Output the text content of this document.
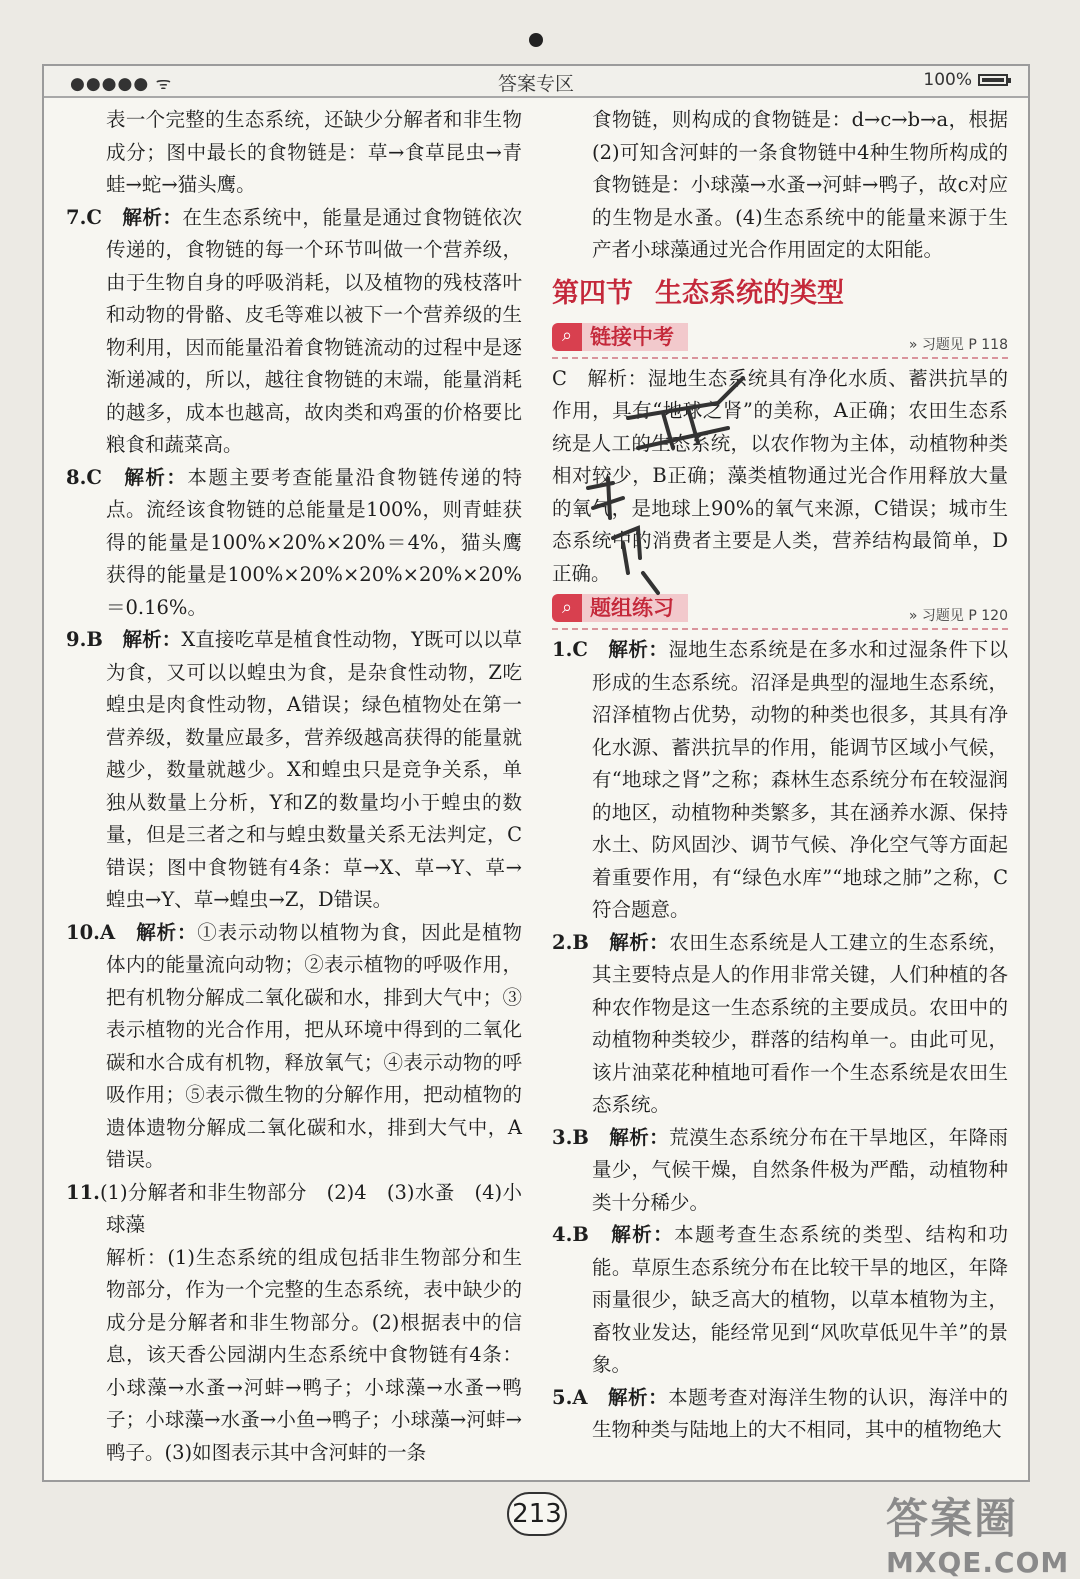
●●●●● ᯤ	答案专区	100%

表一个完整的生态系统，还缺少分解者和非生物成分；图中最长的食物链是：草→食草昆虫→青蛙→蛇→猫头鹰。

7.C　解析：在生态系统中，能量是通过食物链依次传递的，食物链的每一个环节叫做一个营养级，由于生物自身的呼吸消耗，以及植物的残枝落叶和动物的骨骼、皮毛等难以被下一个营养级的生物利用，因而能量沿着食物链流动的过程中是逐渐递减的，所以，越往食物链的末端，能量消耗的越多，成本也越高，故肉类和鸡蛋的价格要比粮食和蔬菜高。

8.C　解析：本题主要考查能量沿食物链传递的特点。流经该食物链的总能量是100%，则青蛙获得的能量是100%×20%×20%＝4%，猫头鹰获得的能量是100%×20%×20%×20%×20%＝0.16%。

9.B　解析：X直接吃草是植食性动物，Y既可以以草为食，又可以以蝗虫为食，是杂食性动物，Z吃蝗虫是肉食性动物，A错误；绿色植物处在第一营养级，数量应最多，营养级越高获得的能量就越少，数量就越少。X和蝗虫只是竞争关系，单独从数量上分析，Y和Z的数量均小于蝗虫的数量，但是三者之和与蝗虫数量关系无法判定，C错误；图中食物链有4条：草→X、草→Y、草→蝗虫→Y、草→蝗虫→Z，D错误。

10.A　解析：①表示动物以植物为食，因此是植物体内的能量流向动物；②表示植物的呼吸作用，把有机物分解成二氧化碳和水，排到大气中；③表示植物的光合作用，把从环境中得到的二氧化碳和水合成有机物，释放氧气；④表示动物的呼吸作用；⑤表示微生物的分解作用，把动植物的遗体遗物分解成二氧化碳和水，排到大气中，A错误。

11.(1)分解者和非生物部分　(2)4　(3)水蚤　(4)小球藻

解析：(1)生态系统的组成包括非生物部分和生物部分，作为一个完整的生态系统，表中缺少的成分是分解者和非生物部分。(2)根据表中的信息，该天香公园湖内生态系统中食物链有4条：小球藻→水蚤→河蚌→鸭子；小球藻→水蚤→鸭子；小球藻→水蚤→小鱼→鸭子；小球藻→河蚌→鸭子。(3)如图表示其中含河蚌的一条

食物链，则构成的食物链是：d→c→b→a，根据(2)可知含河蚌的一条食物链中4种生物所构成的食物链是：小球藻→水蚤→河蚌→鸭子，故c对应的生物是水蚤。(4)生态系统中的能量来源于生产者小球藻通过光合作用固定的太阳能。

第四节 生态系统的类型
⌕ 链接中考	» 习题见 P 118

C　解析：湿地生态系统具有净化水质、蓄洪抗旱的作用，具有“地球之肾”的美称，A正确；农田生态系统是人工的生态系统，以农作物为主体，动植物种类相对较少，B正确；藻类植物通过光合作用释放大量的氧气，是地球上90%的氧气来源，C错误；城市生态系统中的消费者主要是人类，营养结构最简单，D正确。

⌕ 题组练习	» 习题见 P 120

1.C　解析：湿地生态系统是在多水和过湿条件下以形成的生态系统。沼泽是典型的湿地生态系统，沼泽植物占优势，动物的种类也很多，其具有净化水源、蓄洪抗旱的作用，能调节区域小气候，有“地球之肾”之称；森林生态系统分布在较湿润的地区，动植物种类繁多，其在涵养水源、保持水土、防风固沙、调节气候、净化空气等方面起着重要作用，有“绿色水库”“地球之肺”之称，C符合题意。

2.B　解析：农田生态系统是人工建立的生态系统，其主要特点是人的作用非常关键，人们种植的各种农作物是这一生态系统的主要成员。农田中的动植物种类较少，群落的结构单一。由此可见，该片油菜花种植地可看作一个生态系统是农田生态系统。

3.B　解析：荒漠生态系统分布在干旱地区，年降雨量少，气候干燥，自然条件极为严酷，动植物种类十分稀少。

4.B　解析：本题考查生态系统的类型、结构和功能。草原生态系统分布在比较干旱的地区，年降雨量很少，缺乏高大的植物，以草本植物为主，畜牧业发达，能经常见到“风吹草低见牛羊”的景象。

5.A　解析：本题考查对海洋生物的认识，海洋中的生物种类与陆地上的大不相同，其中的植物绝大

213	答案圈
MXQE.COM
